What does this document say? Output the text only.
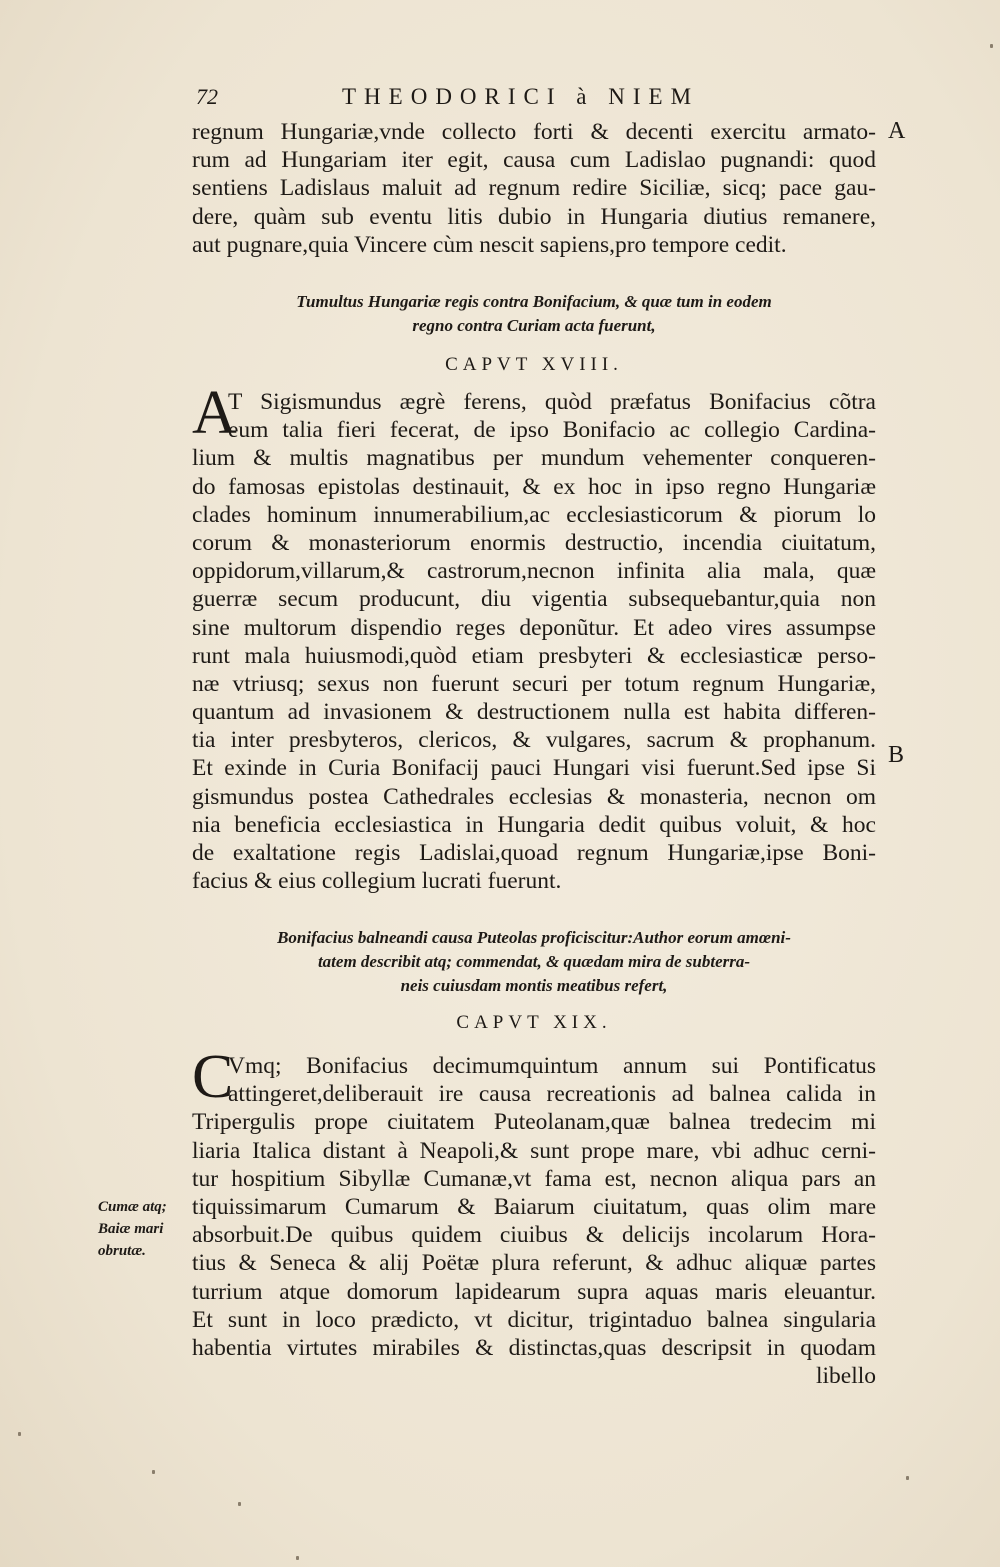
72	THEODORICI à NIEM
A
B
regnum Hungariæ,vnde collecto forti & decenti exercitu armato-
rum ad Hungariam iter egit, causa cum Ladislao pugnandi: quod
sentiens Ladislaus maluit ad regnum redire Siciliæ, sicq; pace gau-
dere, quàm sub eventu litis dubio in Hungaria diutius remanere,
aut pugnare,quia Vincere cùm nescit sapiens,pro tempore cedit.
Tumultus Hungariæ regis contra Bonifacium, & quæ tum in eodem
regno contra Curiam acta fuerunt,
CAPVT XVIII.
A
T Sigismundus ægrè ferens, quòd præfatus Bonifacius cõtra
eum talia fieri fecerat, de ipso Bonifacio ac collegio Cardina-
lium & multis magnatibus per mundum vehementer conqueren-
do famosas epistolas destinauit, & ex hoc in ipso regno Hungariæ
clades hominum innumerabilium,ac ecclesiasticorum & piorum lo
corum & monasteriorum enormis destructio, incendia ciuitatum,
oppidorum,villarum,& castrorum,necnon infinita alia mala, quæ
guerræ secum producunt, diu vigentia subsequebantur,quia non
sine multorum dispendio reges deponũtur. Et adeo vires assumpse
runt mala huiusmodi,quòd etiam presbyteri & ecclesiasticæ perso-
næ vtriusq; sexus non fuerunt securi per totum regnum Hungariæ,
quantum ad invasionem & destructionem nulla est habita differen-
tia inter presbyteros, clericos, & vulgares, sacrum & prophanum.
Et exinde in Curia Bonifacij pauci Hungari visi fuerunt.Sed ipse Si
gismundus postea Cathedrales ecclesias & monasteria, necnon om
nia beneficia ecclesiastica in Hungaria dedit quibus voluit, & hoc
de exaltatione regis Ladislai,quoad regnum Hungariæ,ipse Boni-
facius & eius collegium lucrati fuerunt.
Bonifacius balneandi causa Puteolas proficiscitur:Author eorum amœni-
tatem describit atq; commendat, & quædam mira de subterra-
neis cuiusdam montis meatibus refert,
CAPVT XIX.
C
Vmq; Bonifacius decimumquintum annum sui Pontificatus
attingeret,deliberauit ire causa recreationis ad balnea calida in
Tripergulis prope ciuitatem Puteolanam,quæ balnea tredecim mi
liaria Italica distant à Neapoli,& sunt prope mare, vbi adhuc cerni-
tur hospitium Sibyllæ Cumanæ,vt fama est, necnon aliqua pars an
tiquissimarum Cumarum & Baiarum ciuitatum, quas olim mare
absorbuit.De quibus quidem ciuibus & delicijs incolarum Hora-
tius & Seneca & alij Poëtæ plura referunt, & adhuc aliquæ partes
turrium atque domorum lapidearum supra aquas maris eleuantur.
Et sunt in loco prædicto, vt dicitur, trigintaduo balnea singularia
habentia virtutes mirabiles & distinctas,quas descripsit in quodam
libello
Cumæ atq;
Baiæ mari
obrutæ.
